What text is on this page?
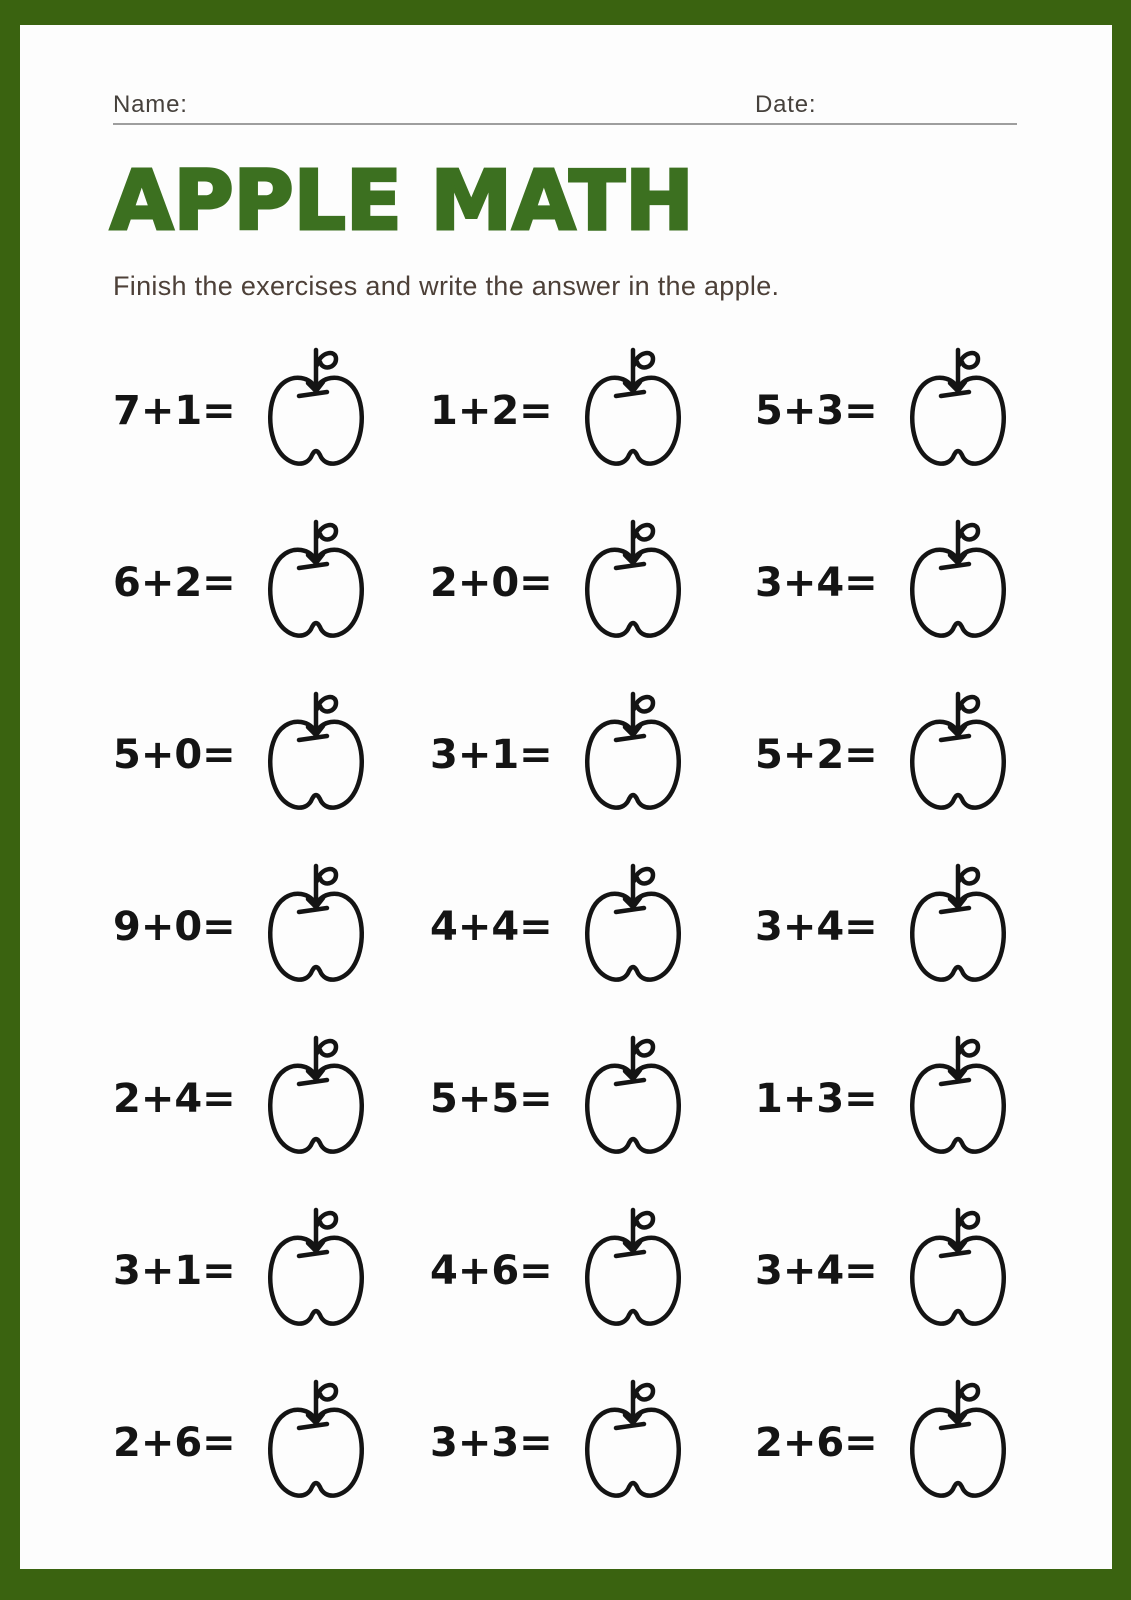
Name:	Date:
APPLE MATH
Finish the exercises and write the answer in the apple.
7+1=	1+2=	5+3=
6+2=	2+0=	3+4=
5+0=	3+1=	5+2=
9+0=	4+4=	3+4=
2+4=	5+5=	1+3=
3+1=	4+6=	3+4=
2+6=	3+3=	2+6=
